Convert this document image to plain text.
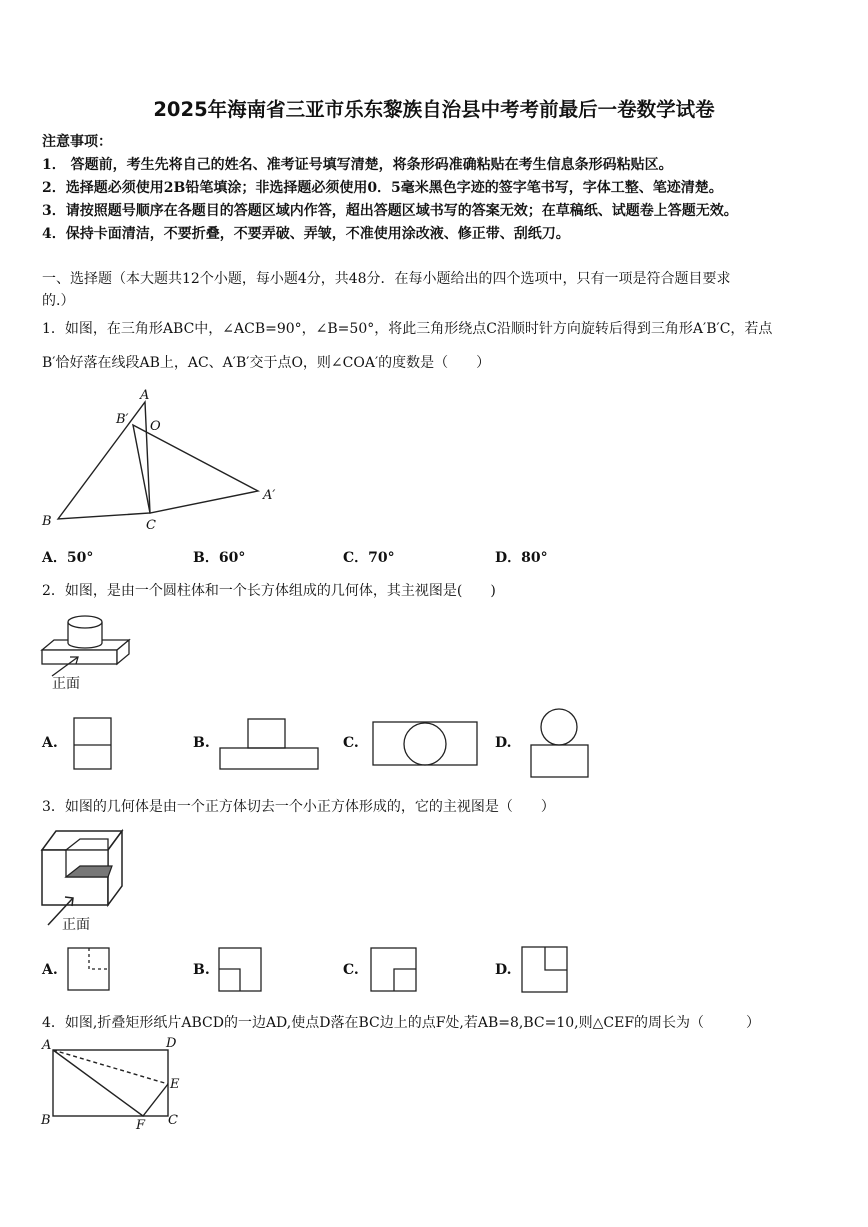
2025年海南省三亚市乐东黎族自治县中考考前最后一卷数学试卷
注意事项：
1． 答题前，考生先将自己的姓名、准考证号填写清楚，将条形码准确粘贴在考生信息条形码粘贴区。
2．选择题必须使用2B铅笔填涂；非选择题必须使用0．5毫米黑色字迹的签字笔书写，字体工整、笔迹清楚。
3．请按照题号顺序在各题目的答题区域内作答，超出答题区域书写的答案无效；在草稿纸、试题卷上答题无效。
4．保持卡面清洁，不要折叠，不要弄破、弄皱，不准使用涂改液、修正带、刮纸刀。
一、选择题（本大题共12个小题，每小题4分，共48分．在每小题给出的四个选项中，只有一项是符合题目要求
的.）
1．如图，在三角形ABC中，∠ACB=90°，∠B=50°，将此三角形绕点C沿顺时针方向旋转后得到三角形A′B′C，若点
B′恰好落在线段AB上，AC、A′B′交于点O，则∠COA′的度数是（　　）
A
B′ O
A′
B	C
A．50°	B．60°	C．70°	D．80°
2．如图，是由一个圆柱体和一个长方体组成的几何体，其主视图是(　　)
正面
A.	B.	C.	D.
3．如图的几何体是由一个正方体切去一个小正方体形成的，它的主视图是（　　）
正面
A.	B.	C.	D.
4．如图,折叠矩形纸片ABCD的一边AD,使点D落在BC边上的点F处,若AB=8,BC=10,则△CEF的周长为（　　　）
A	D
E
B	F C
